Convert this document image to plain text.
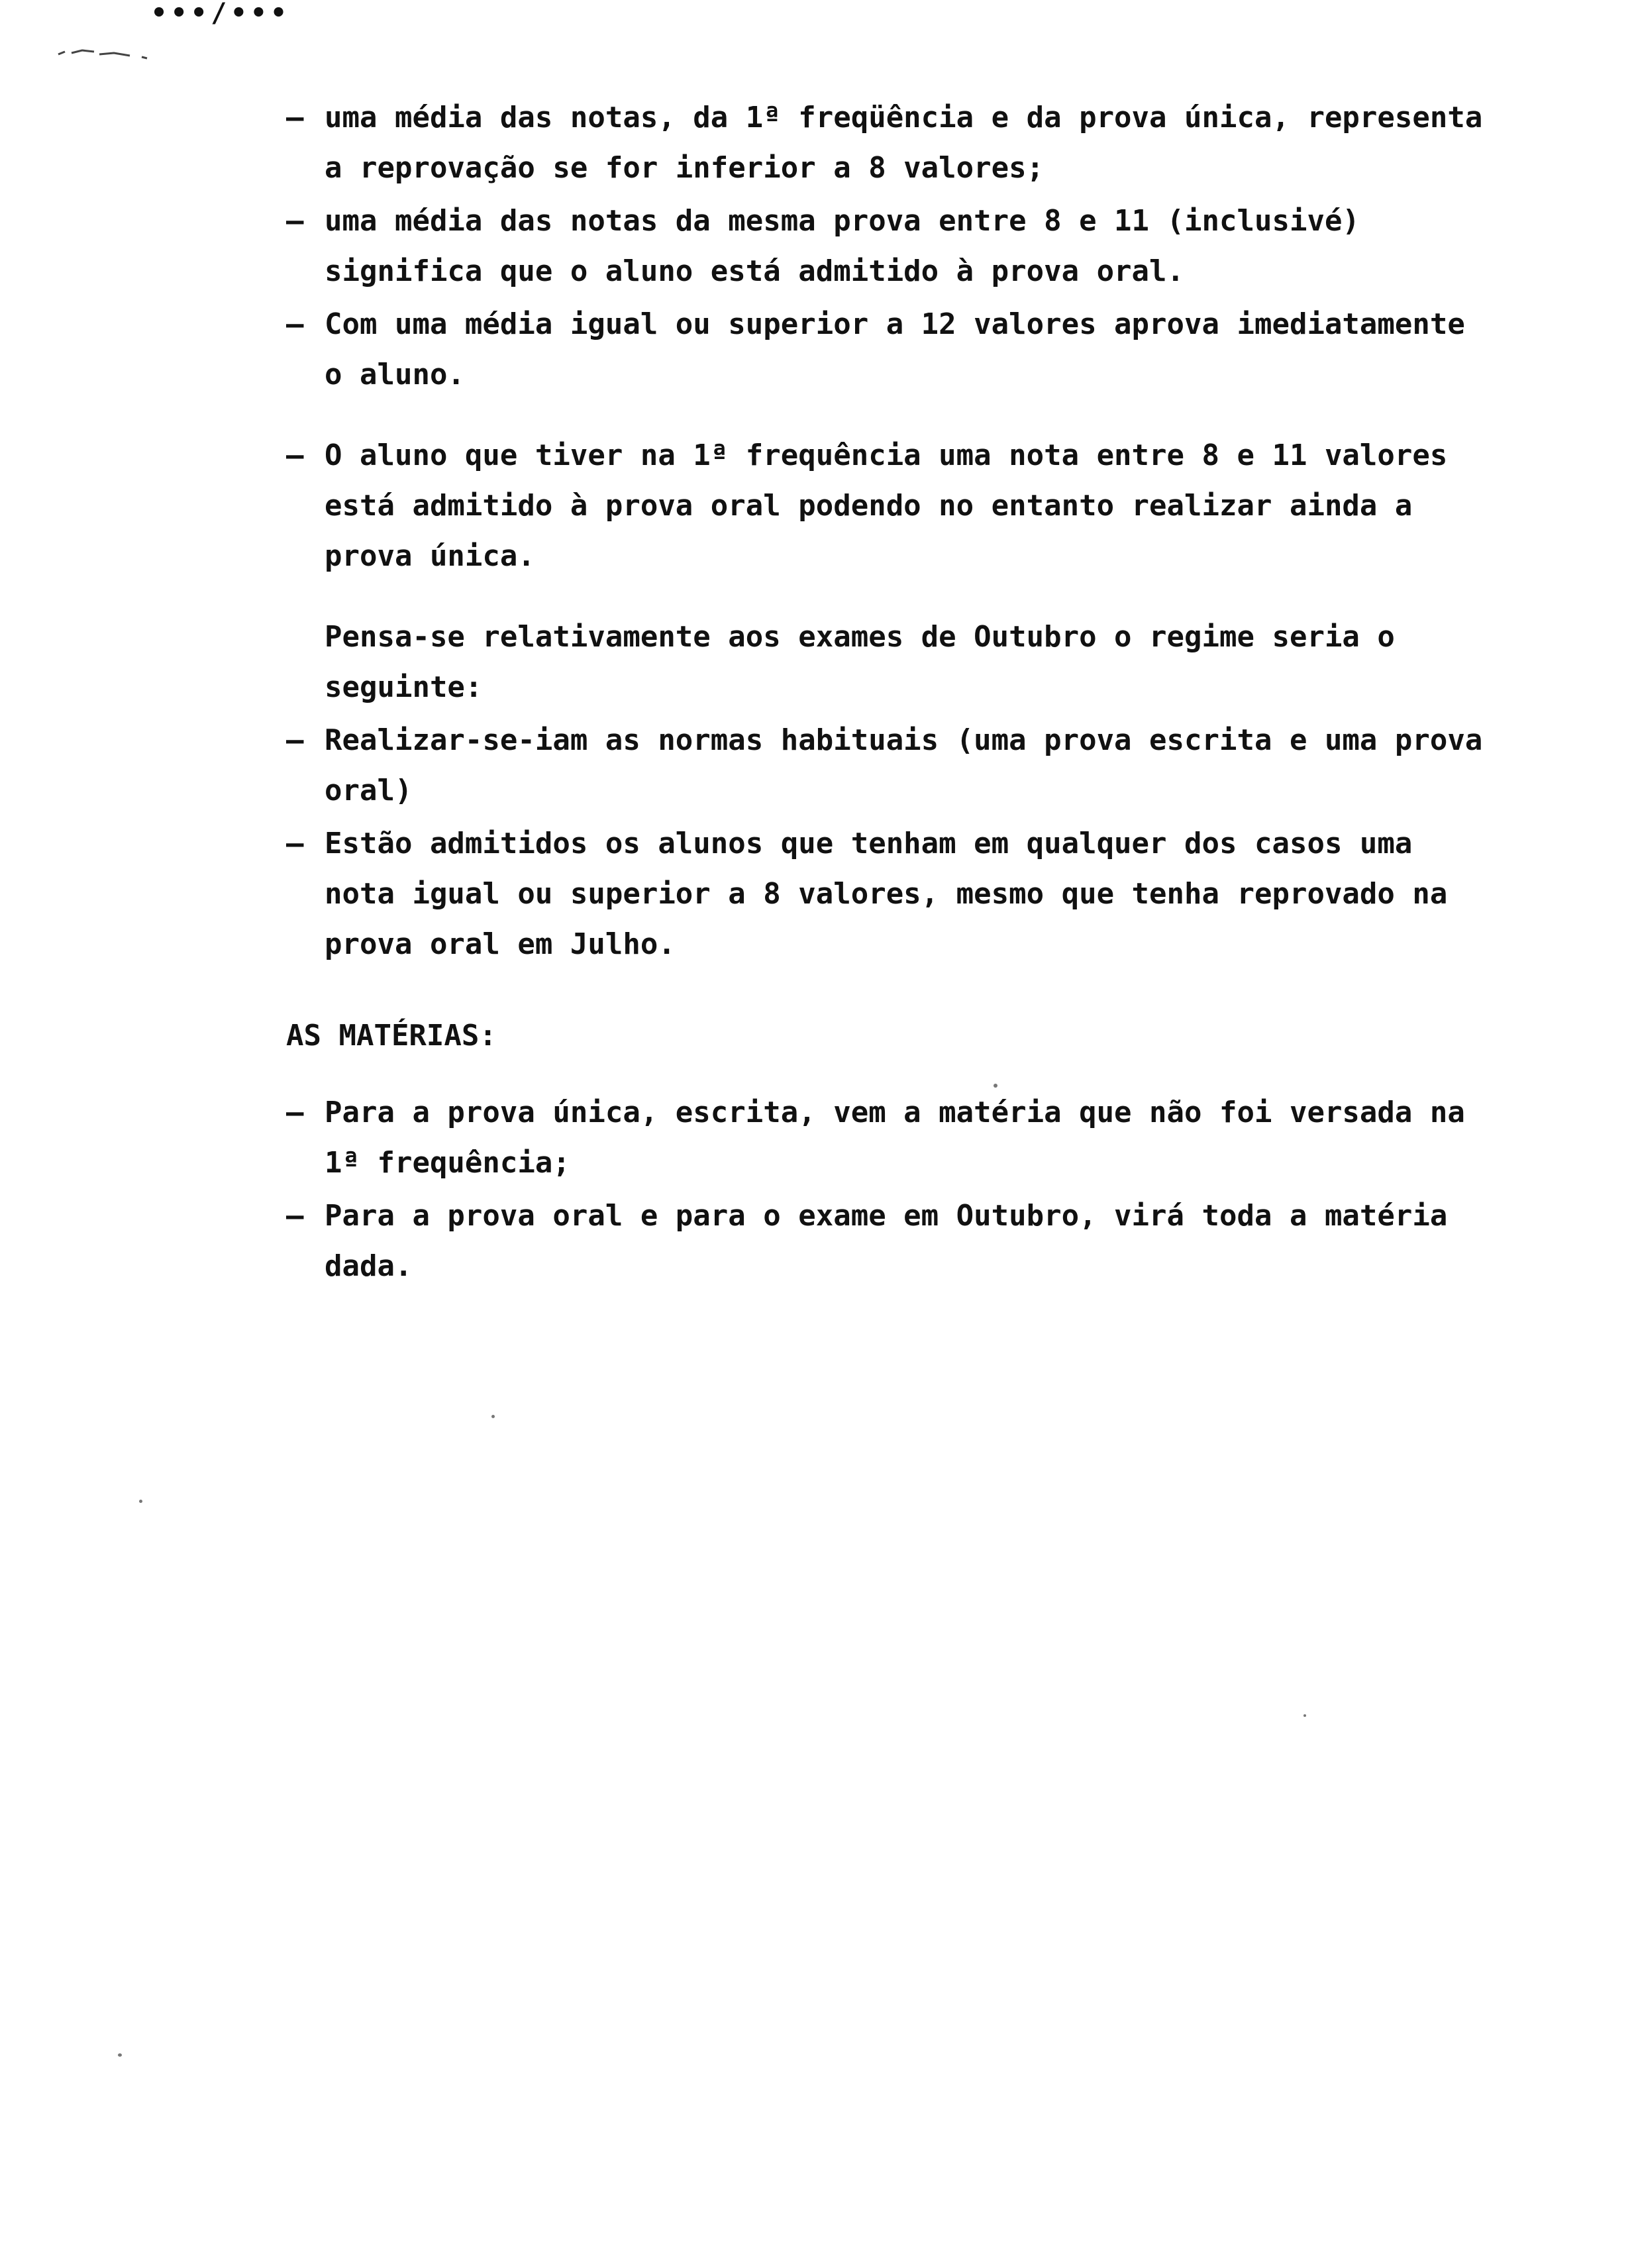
•••/•••
– uma média das notas, da 1ª freqüência e da prova única, representa a reprovação se for inferior a 8 valores;
– uma média das notas da mesma prova entre 8 e 11 (inclusivé) significa que o aluno está admitido à prova oral.
– Com uma média igual ou superior a 12 valores aprova imediatamente o aluno.
– O aluno que tiver na 1ª frequência uma nota entre 8 e 11 valores está admitido à prova oral podendo no entanto realizar ainda a prova única.
Pensa-se relativamente aos exames de Outubro o regime seria o seguinte:
– Realizar-se-iam as normas habituais (uma prova escrita e uma prova oral)
– Estão admitidos os alunos que tenham em qualquer dos casos uma nota igual ou superior a 8 valores, mesmo que tenha reprovado na prova oral em Julho.
AS MATÉRIAS:
– Para a prova única, escrita, vem a matéria que não foi versada na 1ª frequência;
– Para a prova oral e para o exame em Outubro, virá toda a matéria dada.
